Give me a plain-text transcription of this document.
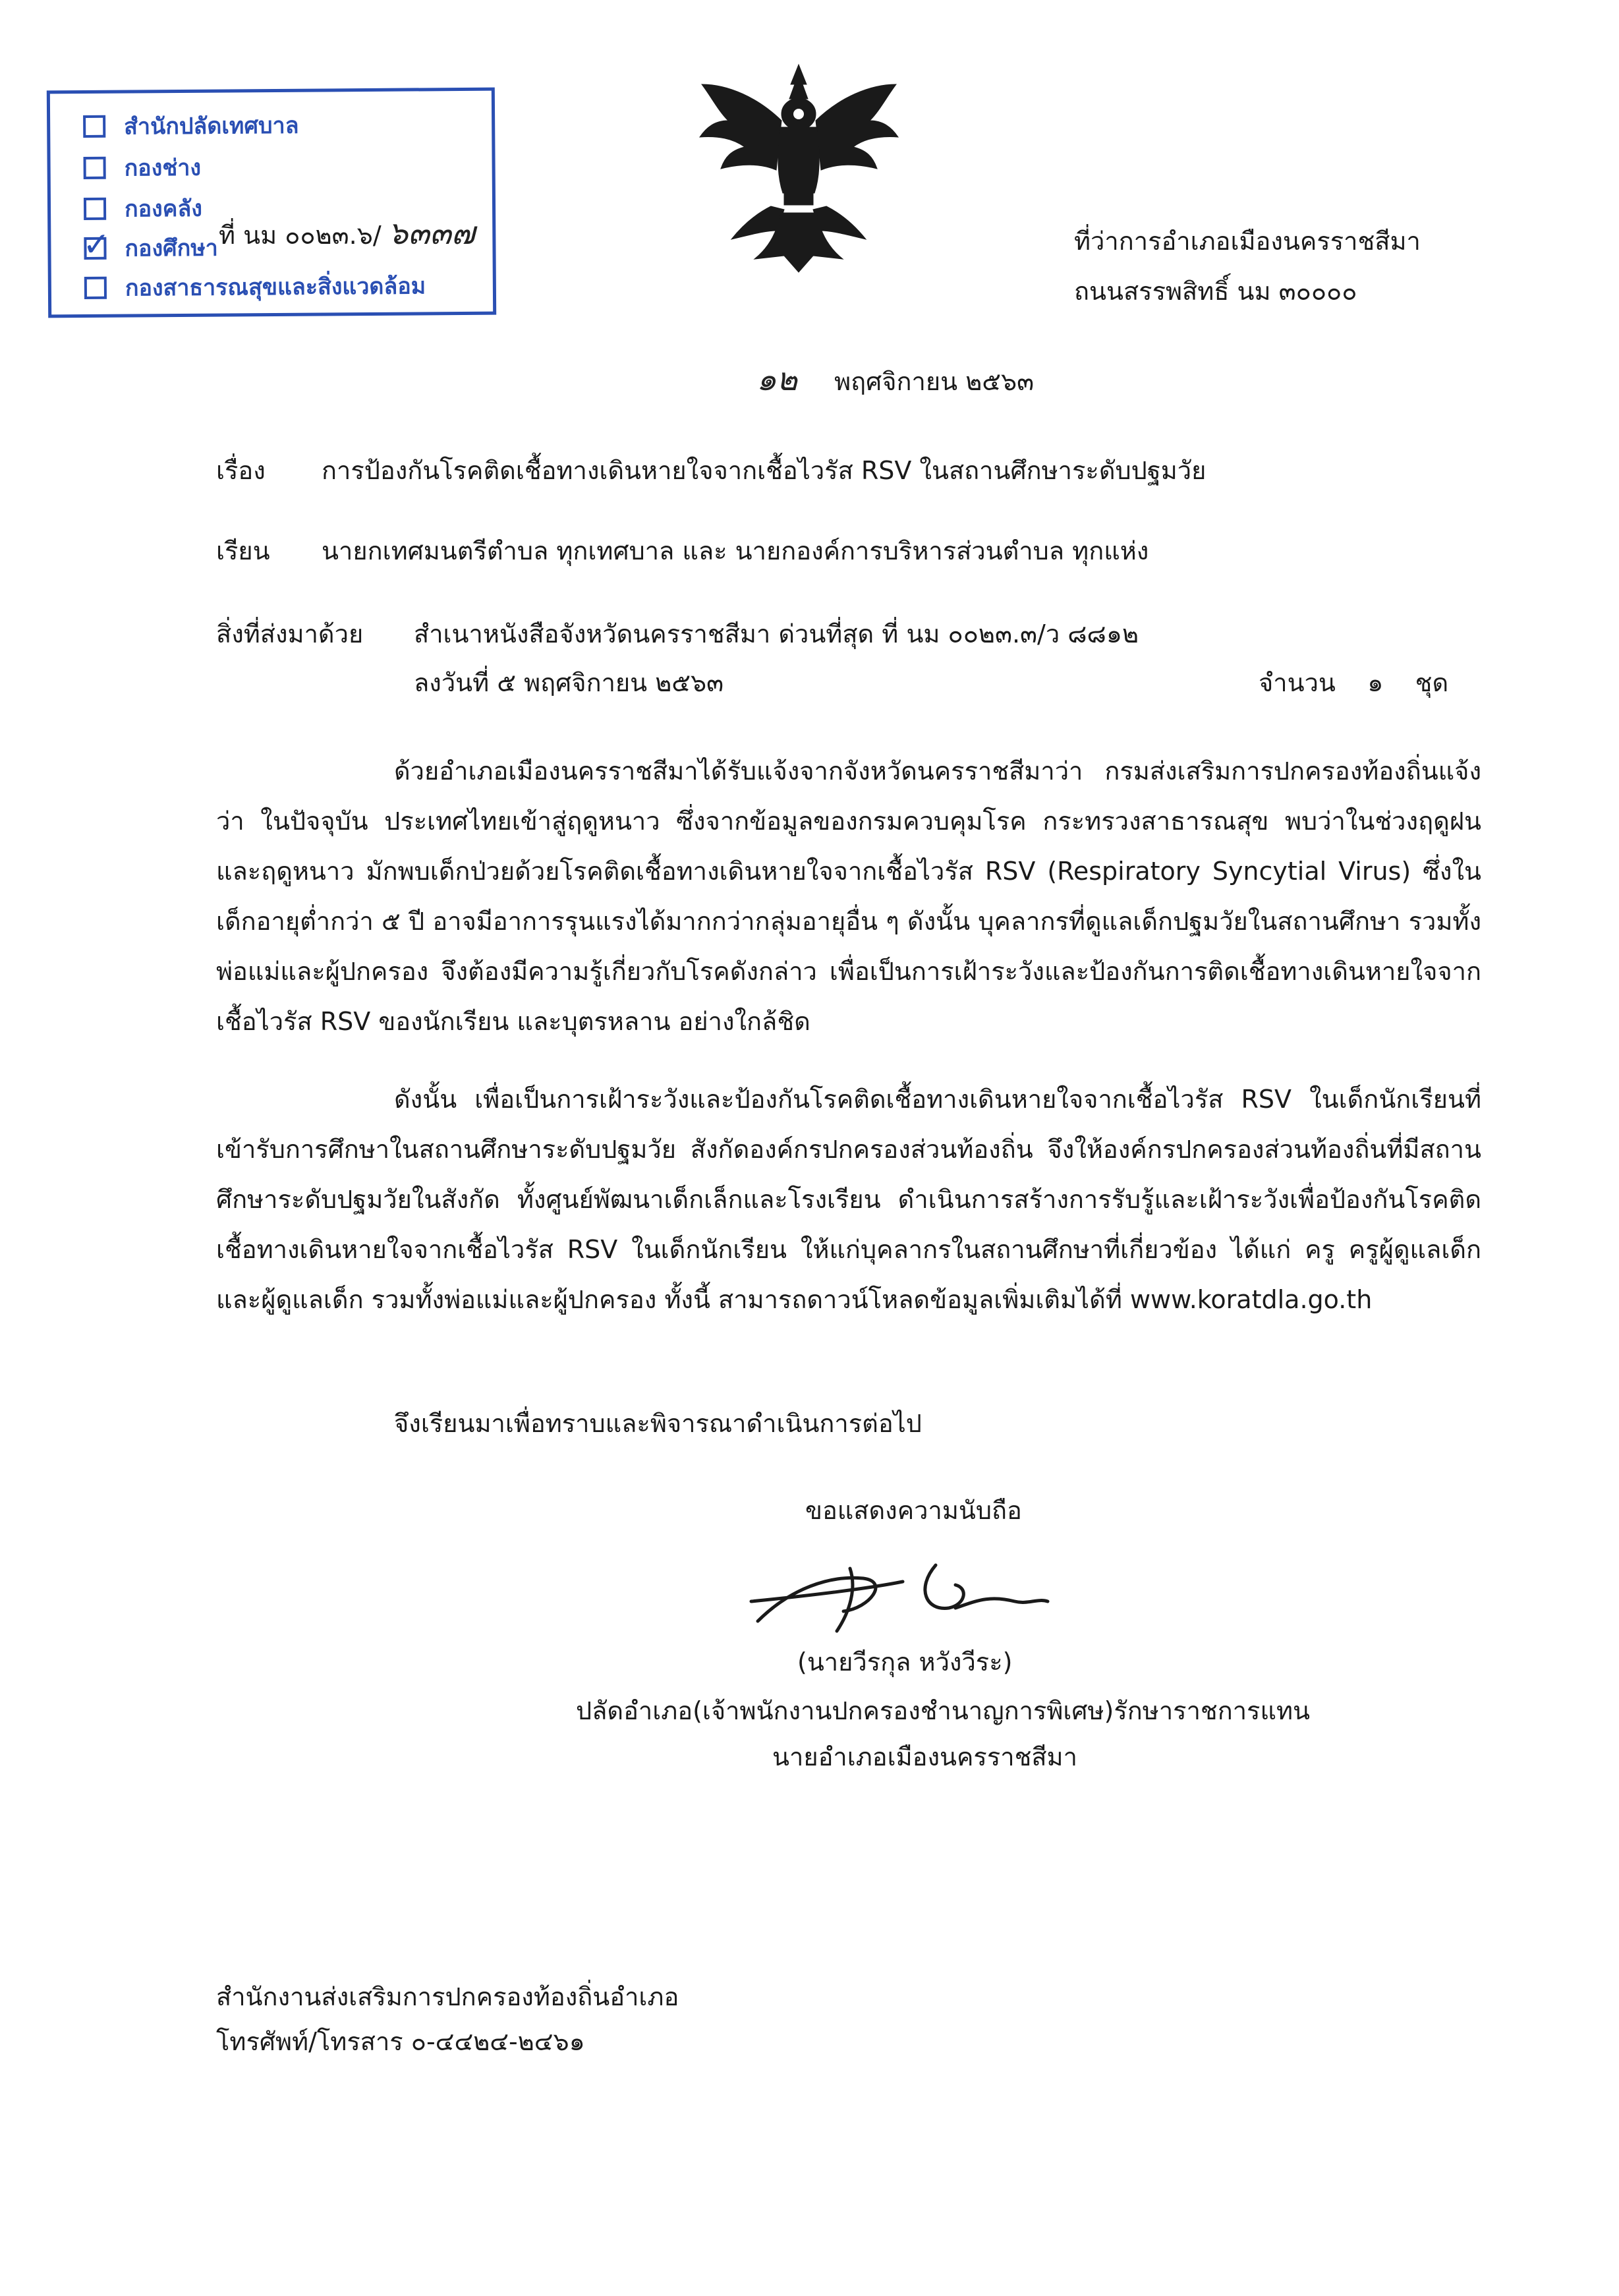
สำนักปลัดเทศบาล
กองช่าง
กองคลัง
✓ กองศึกษา
กองสาธารณสุขและสิ่งแวดล้อม
ที่ นม ๐๐๒๓.๖/ ๖๓๓๗	ที่ว่าการอำเภอเมืองนครราชสีมา
ถนนสรรพสิทธิ์ นม ๓๐๐๐๐
๑๒ พฤศจิกายน ๒๕๖๓
เรื่อง การป้องกันโรคติดเชื้อทางเดินหายใจจากเชื้อไวรัส RSV ในสถานศึกษาระดับปฐมวัย
เรียน นายกเทศมนตรีตำบล ทุกเทศบาล และ นายกองค์การบริหารส่วนตำบล ทุกแห่ง
สิ่งที่ส่งมาด้วย สำเนาหนังสือจังหวัดนครราชสีมา ด่วนที่สุด ที่ นม ๐๐๒๓.๓/ว ๘๘๑๒
ลงวันที่ ๕ พฤศจิกายน ๒๕๖๓	จำนวน    ๑    ชุด
ด้วยอำเภอเมืองนครราชสีมาได้รับแจ้งจากจังหวัดนครราชสีมาว่า กรมส่งเสริมการปกครองท้องถิ่นแจ้งว่า ในปัจจุบัน ประเทศไทยเข้าสู่ฤดูหนาว ซึ่งจากข้อมูลของกรมควบคุมโรค กระทรวงสาธารณสุข พบว่าในช่วงฤดูฝนและฤดูหนาว มักพบเด็กป่วยด้วยโรคติดเชื้อทางเดินหายใจจากเชื้อไวรัส RSV (Respiratory Syncytial Virus) ซึ่งในเด็กอายุต่ำกว่า ๕ ปี อาจมีอาการรุนแรงได้มากกว่ากลุ่มอายุอื่น ๆ ดังนั้น บุคลากรที่ดูแลเด็กปฐมวัยในสถานศึกษา รวมทั้งพ่อแม่และผู้ปกครอง จึงต้องมีความรู้เกี่ยวกับโรคดังกล่าว เพื่อเป็นการเฝ้าระวังและป้องกันการติดเชื้อทางเดินหายใจจากเชื้อไวรัส RSV ของนักเรียน และบุตรหลาน อย่างใกล้ชิด
ดังนั้น เพื่อเป็นการเฝ้าระวังและป้องกันโรคติดเชื้อทางเดินหายใจจากเชื้อไวรัส RSV ในเด็กนักเรียนที่เข้ารับการศึกษาในสถานศึกษาระดับปฐมวัย สังกัดองค์กรปกครองส่วนท้องถิ่น จึงให้องค์กรปกครองส่วนท้องถิ่นที่มีสถานศึกษาระดับปฐมวัยในสังกัด ทั้งศูนย์พัฒนาเด็กเล็กและโรงเรียน ดำเนินการสร้างการรับรู้และเฝ้าระวังเพื่อป้องกันโรคติดเชื้อทางเดินหายใจจากเชื้อไวรัส RSV ในเด็กนักเรียน ให้แก่บุคลากรในสถานศึกษาที่เกี่ยวข้อง ได้แก่ ครู ครูผู้ดูแลเด็ก และผู้ดูแลเด็ก รวมทั้งพ่อแม่และผู้ปกครอง ทั้งนี้ สามารถดาวน์โหลดข้อมูลเพิ่มเติมได้ที่ www.koratdla.go.th
จึงเรียนมาเพื่อทราบและพิจารณาดำเนินการต่อไป
ขอแสดงความนับถือ
(นายวีรกุล หวังวีระ)
ปลัดอำเภอ(เจ้าพนักงานปกครองชำนาญการพิเศษ)รักษาราชการแทน
นายอำเภอเมืองนครราชสีมา
สำนักงานส่งเสริมการปกครองท้องถิ่นอำเภอ
โทรศัพท์/โทรสาร ๐-๔๔๒๔-๒๔๖๑
